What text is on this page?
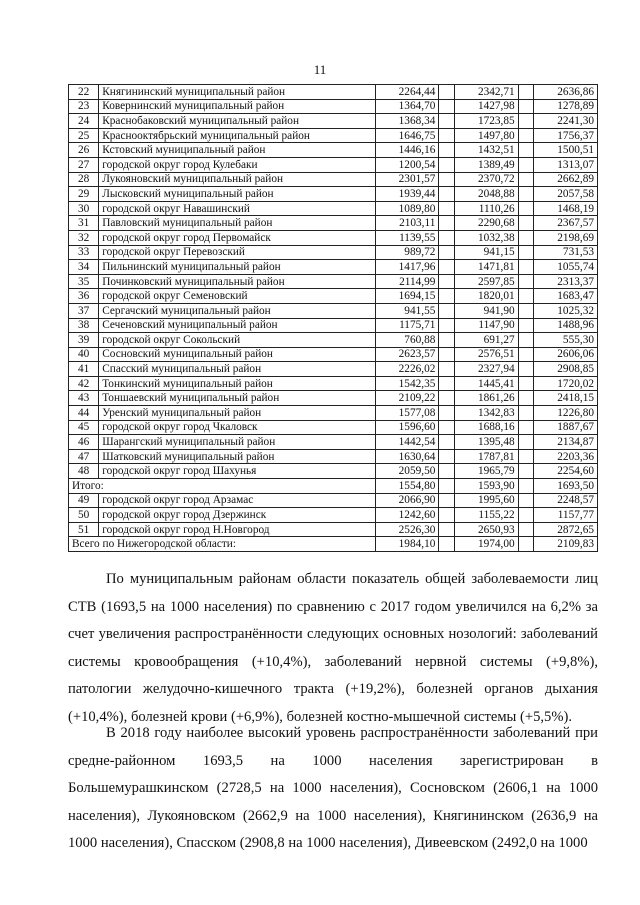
11
22	Княгининский муниципальный район	2264,44		2342,71		2636,86
23	Ковернинский муниципальный район	1364,70		1427,98		1278,89
24	Краснобаковский муниципальный район	1368,34		1723,85		2241,30
25	Краснооктябрьский муниципальный район	1646,75		1497,80		1756,37
26	Кстовский муниципальный район	1446,16		1432,51		1500,51
27	городской округ город Кулебаки	1200,54		1389,49		1313,07
28	Лукояновский муниципальный район	2301,57		2370,72		2662,89
29	Лысковский муниципальный район	1939,44		2048,88		2057,58
30	городской округ Навашинский	1089,80		1110,26		1468,19
31	Павловский муниципальный район	2103,11		2290,68		2367,57
32	городской округ город Первомайск	1139,55		1032,38		2198,69
33	городской округ Перевозский	989,72		941,15		731,53
34	Пильнинский муниципальный район	1417,96		1471,81		1055,74
35	Починковский муниципальный район	2114,99		2597,85		2313,37
36	городской округ Семеновский	1694,15		1820,01		1683,47
37	Сергачский муниципальный район	941,55		941,90		1025,32
38	Сеченовский муниципальный район	1175,71		1147,90		1488,96
39	городской округ Сокольский	760,88		691,27		555,30
40	Сосновский муниципальный район	2623,57		2576,51		2606,06
41	Спасский муниципальный район	2226,02		2327,94		2908,85
42	Тонкинский муниципальный район	1542,35		1445,41		1720,02
43	Тоншаевский муниципальный район	2109,22		1861,26		2418,15
44	Уренский муниципальный район	1577,08		1342,83		1226,80
45	городской округ город Чкаловск	1596,60		1688,16		1887,67
46	Шарангский муниципальный район	1442,54		1395,48		2134,87
47	Шатковский муниципальный район	1630,64		1787,81		2203,36
48	городской округ город Шахунья	2059,50		1965,79		2254,60
Итого:		1554,80		1593,90		1693,50
49	городской округ город Арзамас	2066,90		1995,60		2248,57
50	городской округ город Дзержинск	1242,60		1155,22		1157,77
51	городской округ город Н.Новгород	2526,30		2650,93		2872,65
Всего по Нижегородской области:		1984,10		1974,00		2109,83

По муниципальным районам области показатель общей заболеваемости лиц СТВ (1693,5 на 1000 населения) по сравнению с 2017 годом увеличился на 6,2% за счет увеличения распространённости следующих основных нозологий: заболеваний системы кровообращения (+10,4%), заболеваний нервной системы (+9,8%), патологии желудочно-кишечного тракта (+19,2%), болезней органов дыхания (+10,4%), болезней крови (+6,9%), болезней костно-мышечной системы (+5,5%).

В 2018 году наиболее высокий уровень распространённости заболеваний при средне-районном 1693,5 на 1000 населения зарегистрирован в Большемурашкинском (2728,5 на 1000 населения), Сосновском (2606,1 на 1000 населения), Лукояновском (2662,9 на 1000 населения), Княгининском (2636,9 на 1000 населения), Спасском (2908,8 на 1000 населения), Дивеевском (2492,0 на 1000
